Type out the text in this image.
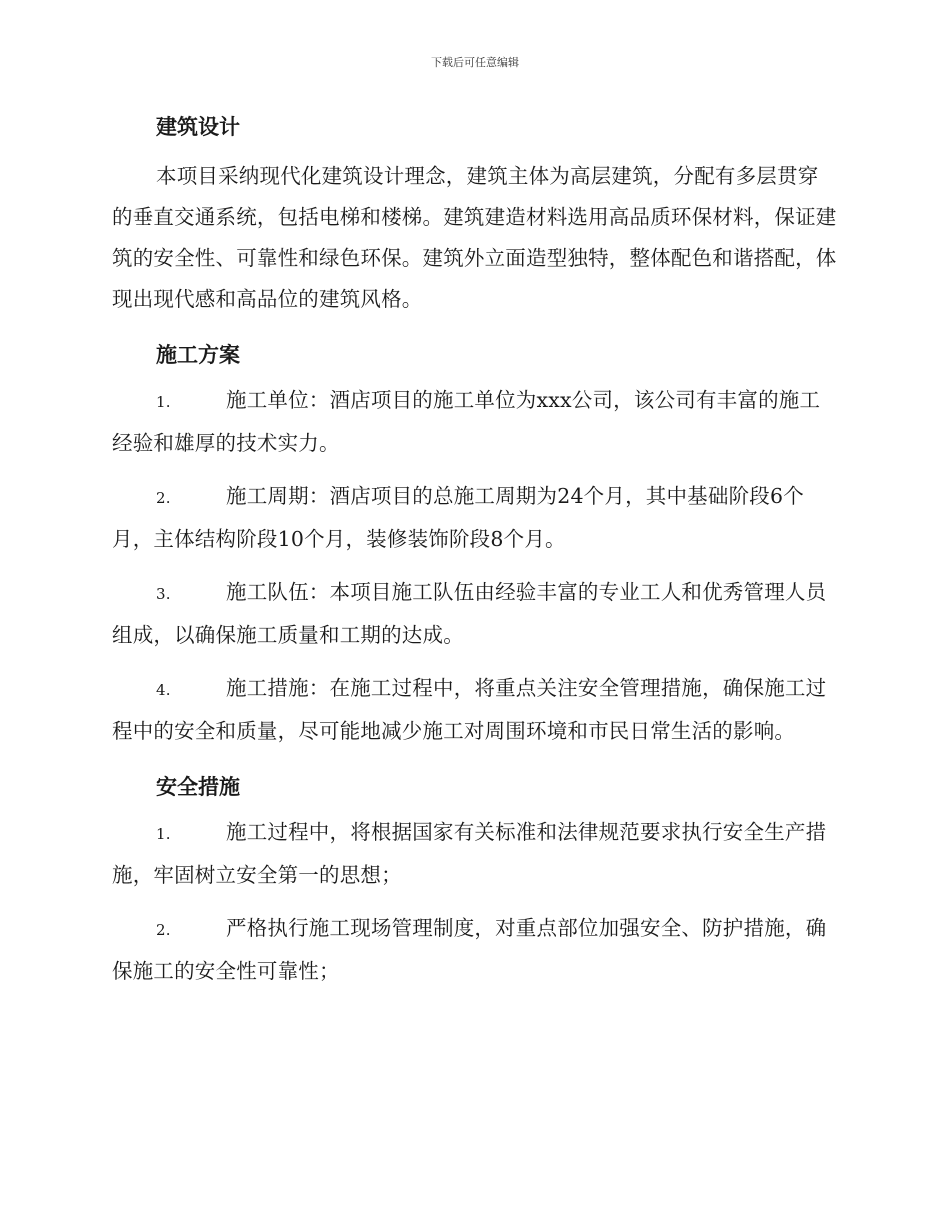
下载后可任意编辑
建筑设计
本项目采纳现代化建筑设计理念，建筑主体为高层建筑，分配有多层贯穿的垂直交通系统，包括电梯和楼梯。建筑建造材料选用高品质环保材料，保证建筑的安全性、可靠性和绿色环保。建筑外立面造型独特，整体配色和谐搭配，体现出现代感和高品位的建筑风格。
施工方案
1.	施工单位：酒店项目的施工单位为xxx公司，该公司有丰富的施工经验和雄厚的技术实力。
2.	施工周期：酒店项目的总施工周期为24个月，其中基础阶段6个月，主体结构阶段10个月，装修装饰阶段8个月。
3.	施工队伍：本项目施工队伍由经验丰富的专业工人和优秀管理人员组成，以确保施工质量和工期的达成。
4.	施工措施：在施工过程中，将重点关注安全管理措施，确保施工过程中的安全和质量，尽可能地减少施工对周围环境和市民日常生活的影响。
安全措施
1.	施工过程中，将根据国家有关标准和法律规范要求执行安全生产措施，牢固树立安全第一的思想；
2.	严格执行施工现场管理制度，对重点部位加强安全、防护措施，确保施工的安全性可靠性；
